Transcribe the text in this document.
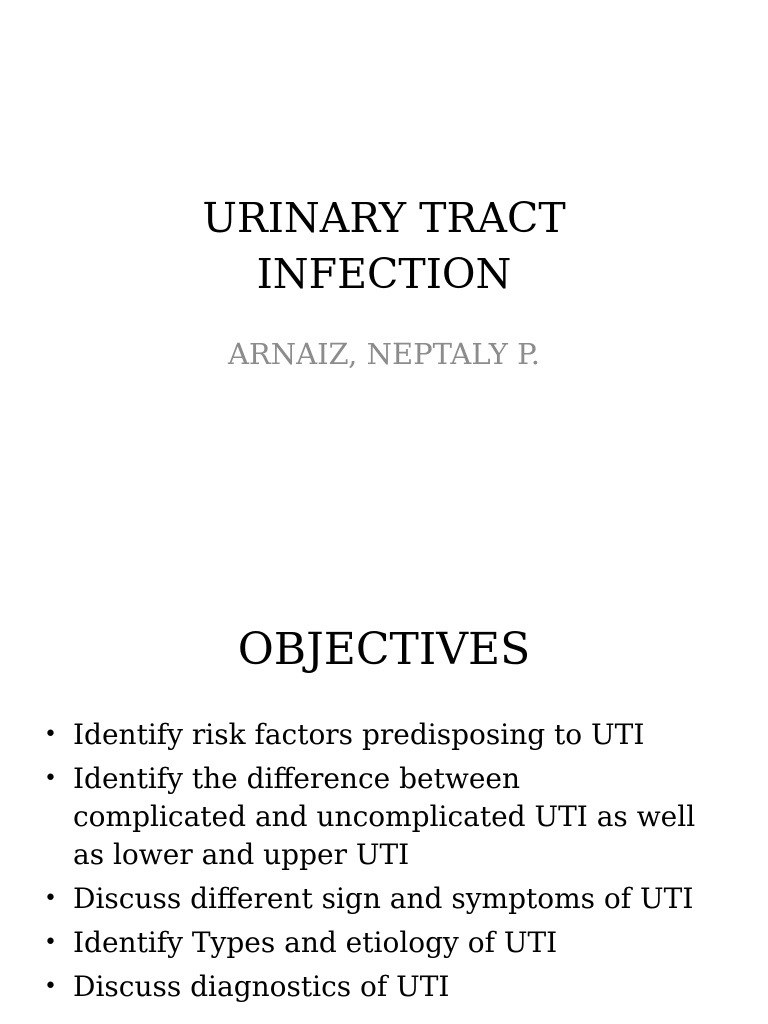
URINARY TRACT
INFECTION
ARNAIZ, NEPTALY P.
OBJECTIVES
• Identify risk factors predisposing to UTI
• Identify the difference between complicated and uncomplicated UTI as well as lower and upper UTI
• Discuss different sign and symptoms of UTI
• Identify Types and etiology of UTI
• Discuss diagnostics of UTI
